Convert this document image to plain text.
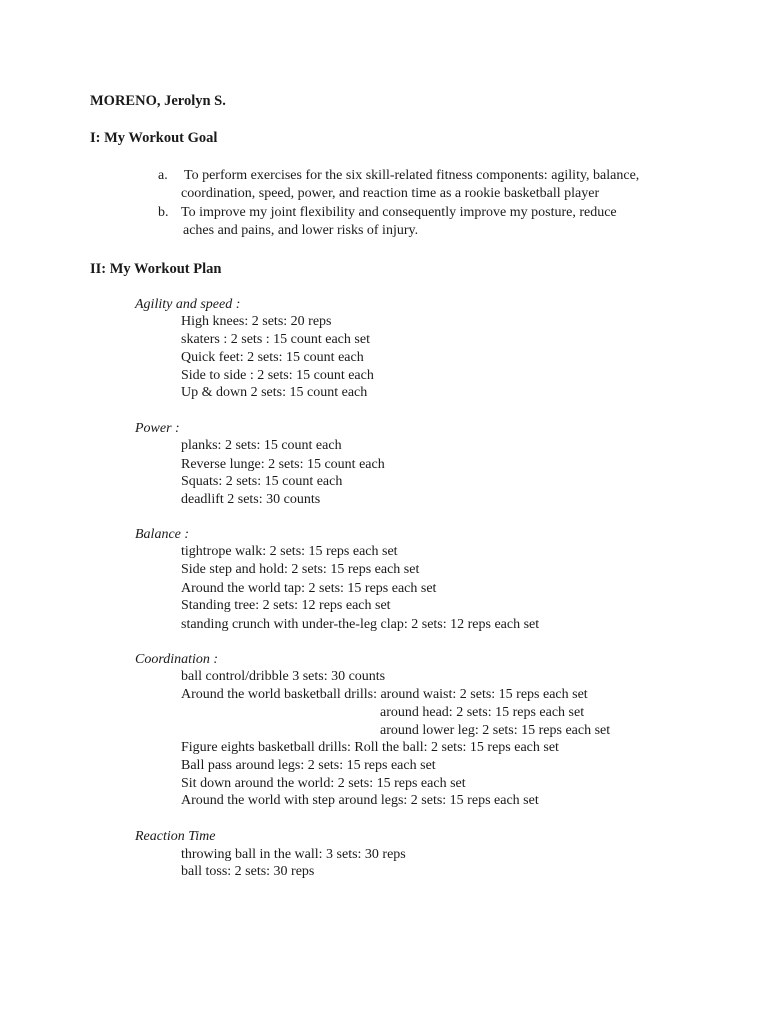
MORENO, Jerolyn S.
I: My Workout Goal
a. To perform exercises for the six skill-related fitness components: agility, balance,
coordination, speed, power, and reaction time as a rookie basketball player
b. To improve my joint flexibility and consequently improve my posture, reduce
aches and pains, and lower risks of injury.
II: My Workout Plan
Agility and speed :
High knees: 2 sets: 20 reps
skaters : 2 sets : 15 count each set
Quick feet: 2 sets: 15 count each
Side to side : 2 sets: 15 count each
Up & down 2 sets: 15 count each
Power :
planks: 2 sets: 15 count each
Reverse lunge: 2 sets: 15 count each
Squats: 2 sets: 15 count each
deadlift 2 sets: 30 counts
Balance :
tightrope walk: 2 sets: 15 reps each set
Side step and hold: 2 sets: 15 reps each set
Around the world tap: 2 sets: 15 reps each set
Standing tree: 2 sets: 12 reps each set
standing crunch with under-the-leg clap: 2 sets: 12 reps each set
Coordination :
ball control/dribble 3 sets: 30 counts
Around the world basketball drills: around waist: 2 sets: 15 reps each set
around head: 2 sets: 15 reps each set
around lower leg: 2 sets: 15 reps each set
Figure eights basketball drills: Roll the ball: 2 sets: 15 reps each set
Ball pass around legs: 2 sets: 15 reps each set
Sit down around the world: 2 sets: 15 reps each set
Around the world with step around legs: 2 sets: 15 reps each set
Reaction Time
throwing ball in the wall: 3 sets: 30 reps
ball toss: 2 sets: 30 reps
